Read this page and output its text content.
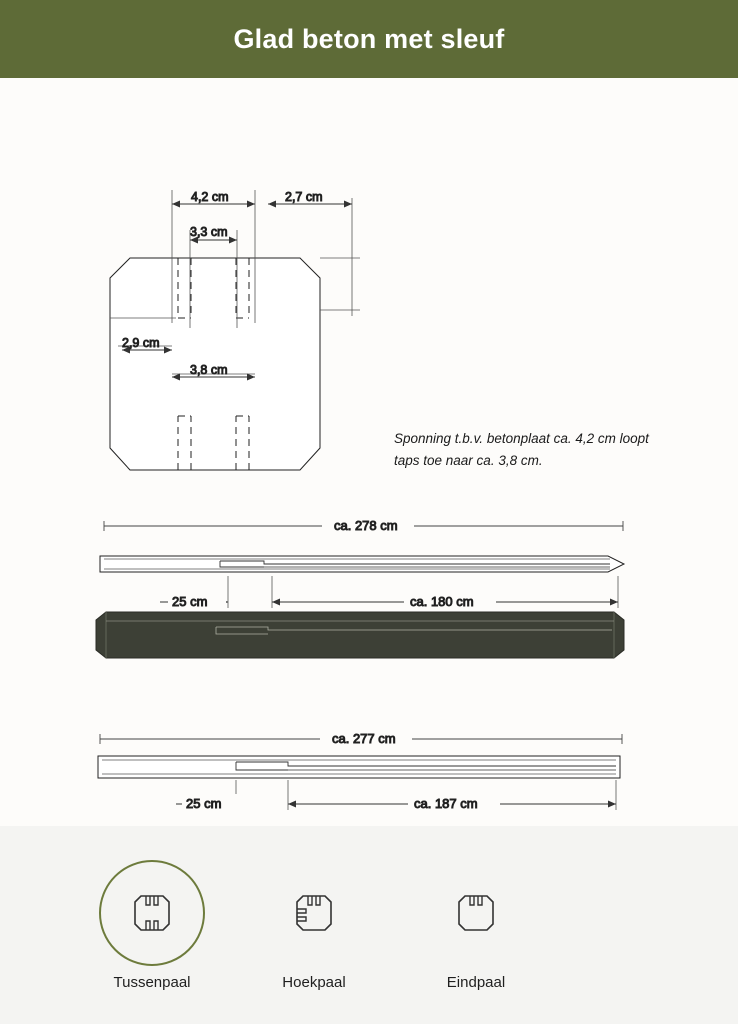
Glad beton met sleuf
4,2 cm	2,7 cm
3,3 cm
2,9 cm
3,8 cm
ca. 278 cm
25 cm	ca. 180 cm
ca. 277 cm
25 cm	ca. 187 cm
Sponning t.b.v. betonplaat ca. 4,2 cm loopt taps toe naar ca. 3,8 cm.
Tussenpaal	Hoekpaal	Eindpaal
